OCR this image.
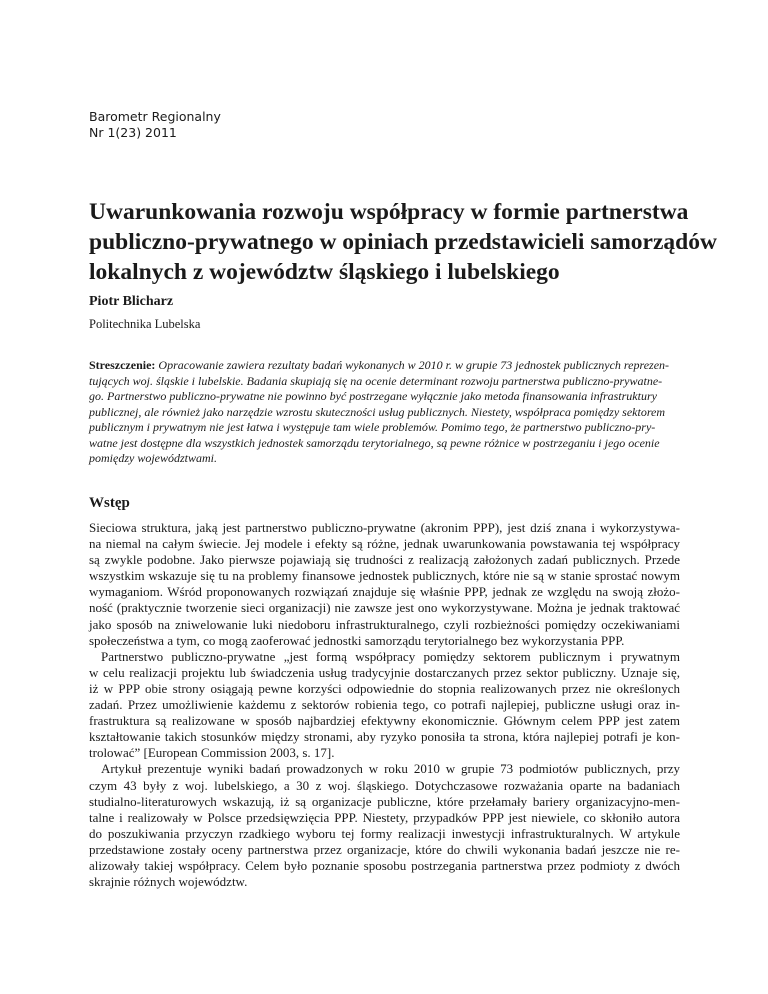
Barometr Regionalny
Nr 1(23) 2011
Uwarunkowania rozwoju współpracy w formie partnerstwa
publiczno-prywatnego w opiniach przedstawicieli samorządów
lokalnych z województw śląskiego i lubelskiego
Piotr Blicharz
Politechnika Lubelska
Streszczenie: Opracowanie zawiera rezultaty badań wykonanych w 2010 r. w grupie 73 jednostek publicznych reprezen-
tujących woj. śląskie i lubelskie. Badania skupiają się na ocenie determinant rozwoju partnerstwa publiczno-prywatne-
go. Partnerstwo publiczno-prywatne nie powinno być postrzegane wyłącznie jako metoda finansowania infrastruktury
publicznej, ale również jako narzędzie wzrostu skuteczności usług publicznych. Niestety, współpraca pomiędzy sektorem
publicznym i prywatnym nie jest łatwa i występuje tam wiele problemów. Pomimo tego, że partnerstwo publiczno-pry-
watne jest dostępne dla wszystkich jednostek samorządu terytorialnego, są pewne różnice w postrzeganiu i jego ocenie
pomiędzy województwami.
Wstęp
Sieciowa struktura, jaką jest partnerstwo publiczno-prywatne (akronim PPP), jest dziś znana i wykorzystywa-
na niemal na całym świecie. Jej modele i efekty są różne, jednak uwarunkowania powstawania tej współpracy
są zwykle podobne. Jako pierwsze pojawiają się trudności z realizacją założonych zadań publicznych. Przede
wszystkim wskazuje się tu na problemy finansowe jednostek publicznych, które nie są w stanie sprostać nowym
wymaganiom. Wśród proponowanych rozwiązań znajduje się właśnie PPP, jednak ze względu na swoją złożo-
ność (praktycznie tworzenie sieci organizacji) nie zawsze jest ono wykorzystywane. Można je jednak traktować
jako sposób na zniwelowanie luki niedoboru infrastrukturalnego, czyli rozbieżności pomiędzy oczekiwaniami
społeczeństwa a tym, co mogą zaoferować jednostki samorządu terytorialnego bez wykorzystania PPP.
Partnerstwo publiczno-prywatne „jest formą współpracy pomiędzy sektorem publicznym i prywatnym
w celu realizacji projektu lub świadczenia usług tradycyjnie dostarczanych przez sektor publiczny. Uznaje się,
iż w PPP obie strony osiągają pewne korzyści odpowiednie do stopnia realizowanych przez nie określonych
zadań. Przez umożliwienie każdemu z sektorów robienia tego, co potrafi najlepiej, publiczne usługi oraz in-
frastruktura są realizowane w sposób najbardziej efektywny ekonomicznie. Głównym celem PPP jest zatem
kształtowanie takich stosunków między stronami, aby ryzyko ponosiła ta strona, która najlepiej potrafi je kon-
trolować” [European Commission 2003, s. 17].
Artykuł prezentuje wyniki badań prowadzonych w roku 2010 w grupie 73 podmiotów publicznych, przy
czym 43 były z woj. lubelskiego, a 30 z woj. śląskiego. Dotychczasowe rozważania oparte na badaniach
studialno-literaturowych wskazują, iż są organizacje publiczne, które przełamały bariery organizacyjno-men-
talne i realizowały w Polsce przedsięwzięcia PPP. Niestety, przypadków PPP jest niewiele, co skłoniło autora
do poszukiwania przyczyn rzadkiego wyboru tej formy realizacji inwestycji infrastrukturalnych. W artykule
przedstawione zostały oceny partnerstwa przez organizacje, które do chwili wykonania badań jeszcze nie re-
alizowały takiej współpracy. Celem było poznanie sposobu postrzegania partnerstwa przez podmioty z dwóch
skrajnie różnych województw.
